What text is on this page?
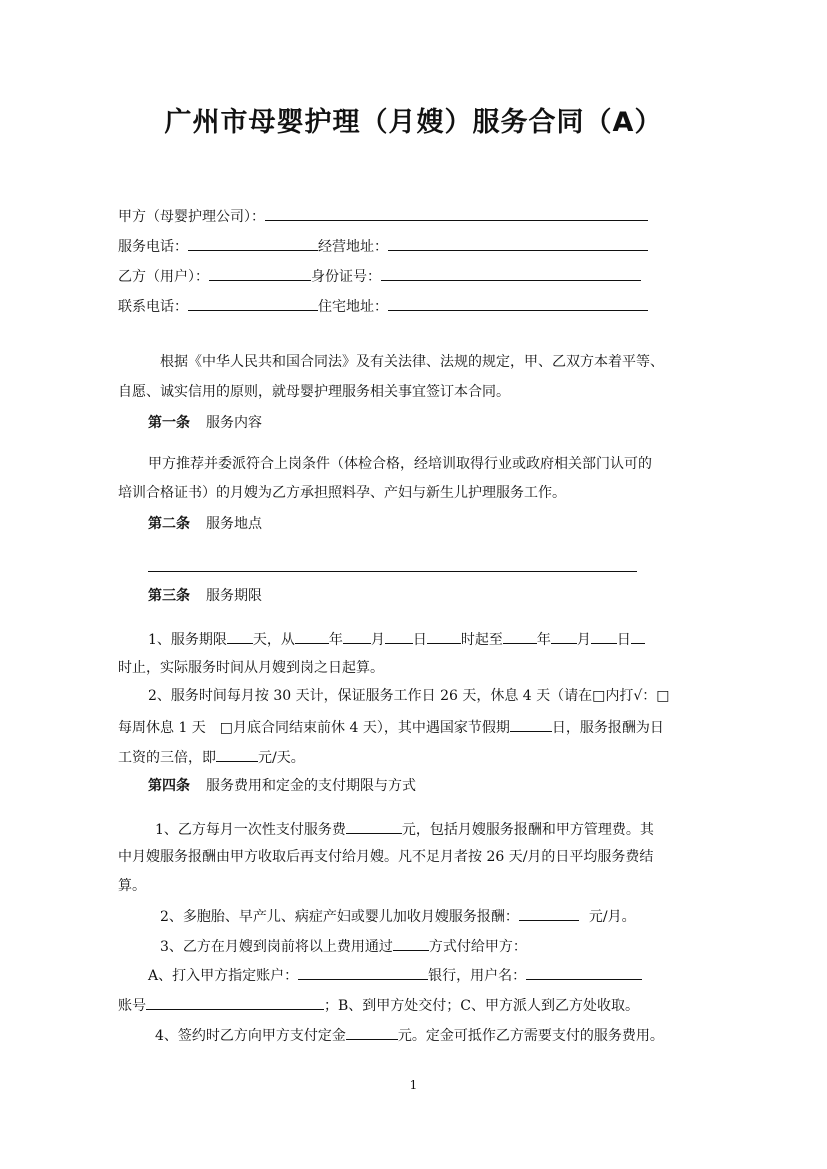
广州市母婴护理（月嫂）服务合同（A）
甲方（母婴护理公司）：
服务电话：	经营地址：
乙方（用户）：	身份证号：
联系电话：	住宅地址：
根据《中华人民共和国合同法》及有关法律、法规的规定，甲、乙双方本着平等、
自愿、诚实信用的原则，就母婴护理服务相关事宜签订本合同。
第一条 服务内容
甲方推荐并委派符合上岗条件（体检合格，经培训取得行业或政府相关部门认可的
培训合格证书）的月嫂为乙方承担照料孕、产妇与新生儿护理服务工作。
第二条 服务地点
第三条 服务期限
1、服务期限 天，从 年 月 日 时起至 年 月 日
时止，实际服务时间从月嫂到岗之日起算。
2、服务时间每月按 30 天计，保证服务工作日 26 天，休息 4 天（请在□内打√：□
每周休息 1 天　□月底合同结束前休 4 天），其中遇国家节假期	日，服务报酬为日
工资的三倍，即	元/天。
第四条 服务费用和定金的支付期限与方式
1、乙方每月一次性支付服务费	元，包括月嫂服务报酬和甲方管理费。其
中月嫂服务报酬由甲方收取后再支付给月嫂。凡不足月者按 26 天/月的日平均服务费结
算。
2、多胞胎、早产儿、病症产妇或婴儿加收月嫂服务报酬：	元/月。
3、乙方在月嫂到岗前将以上费用通过	方式付给甲方：
A、打入甲方指定账户：	银行，用户名：
账号	；B、到甲方处交付；C、甲方派人到乙方处收取。
4、签约时乙方向甲方支付定金	元。定金可抵作乙方需要支付的服务费用。
1
